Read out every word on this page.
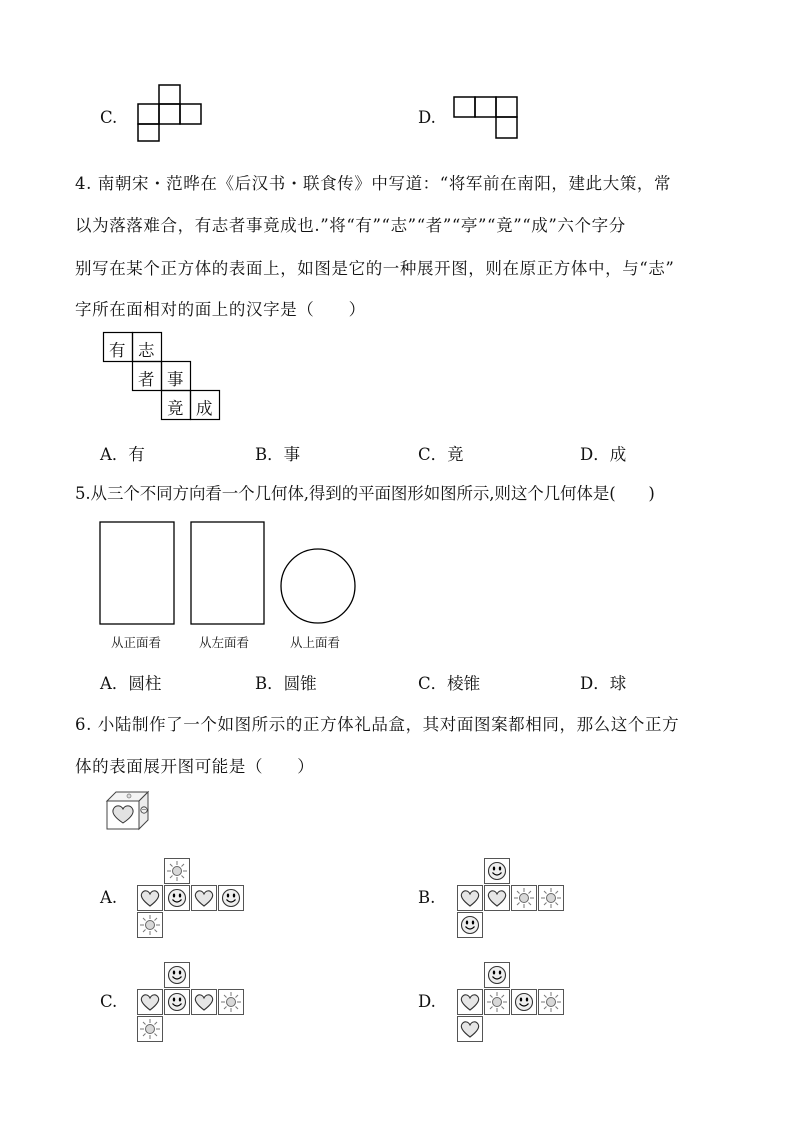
C.	D.
4. 南朝宋・范晔在《后汉书・联食传》中写道：“将军前在南阳，建此大策，常
以为落落难合，有志者事竟成也.”将“有”“志”“者”“亭”“竟”“成”六个字分
别写在某个正方体的表面上，如图是它的一种展开图，则在原正方体中，与“志”
字所在面相对的面上的汉字是（　　）
有 志
者 事
竟 成
A．有	B．事	C．竟	D．成
5.从三个不同方向看一个几何体,得到的平面图形如图所示,则这个几何体是(　　)
从正面看	从左面看	从上面看
A．圆柱	B．圆锥	C．棱锥	D．球
6. 小陆制作了一个如图所示的正方体礼品盒，其对面图案都相同，那么这个正方
体的表面展开图可能是（　　）
A.	B.
C.	D.
